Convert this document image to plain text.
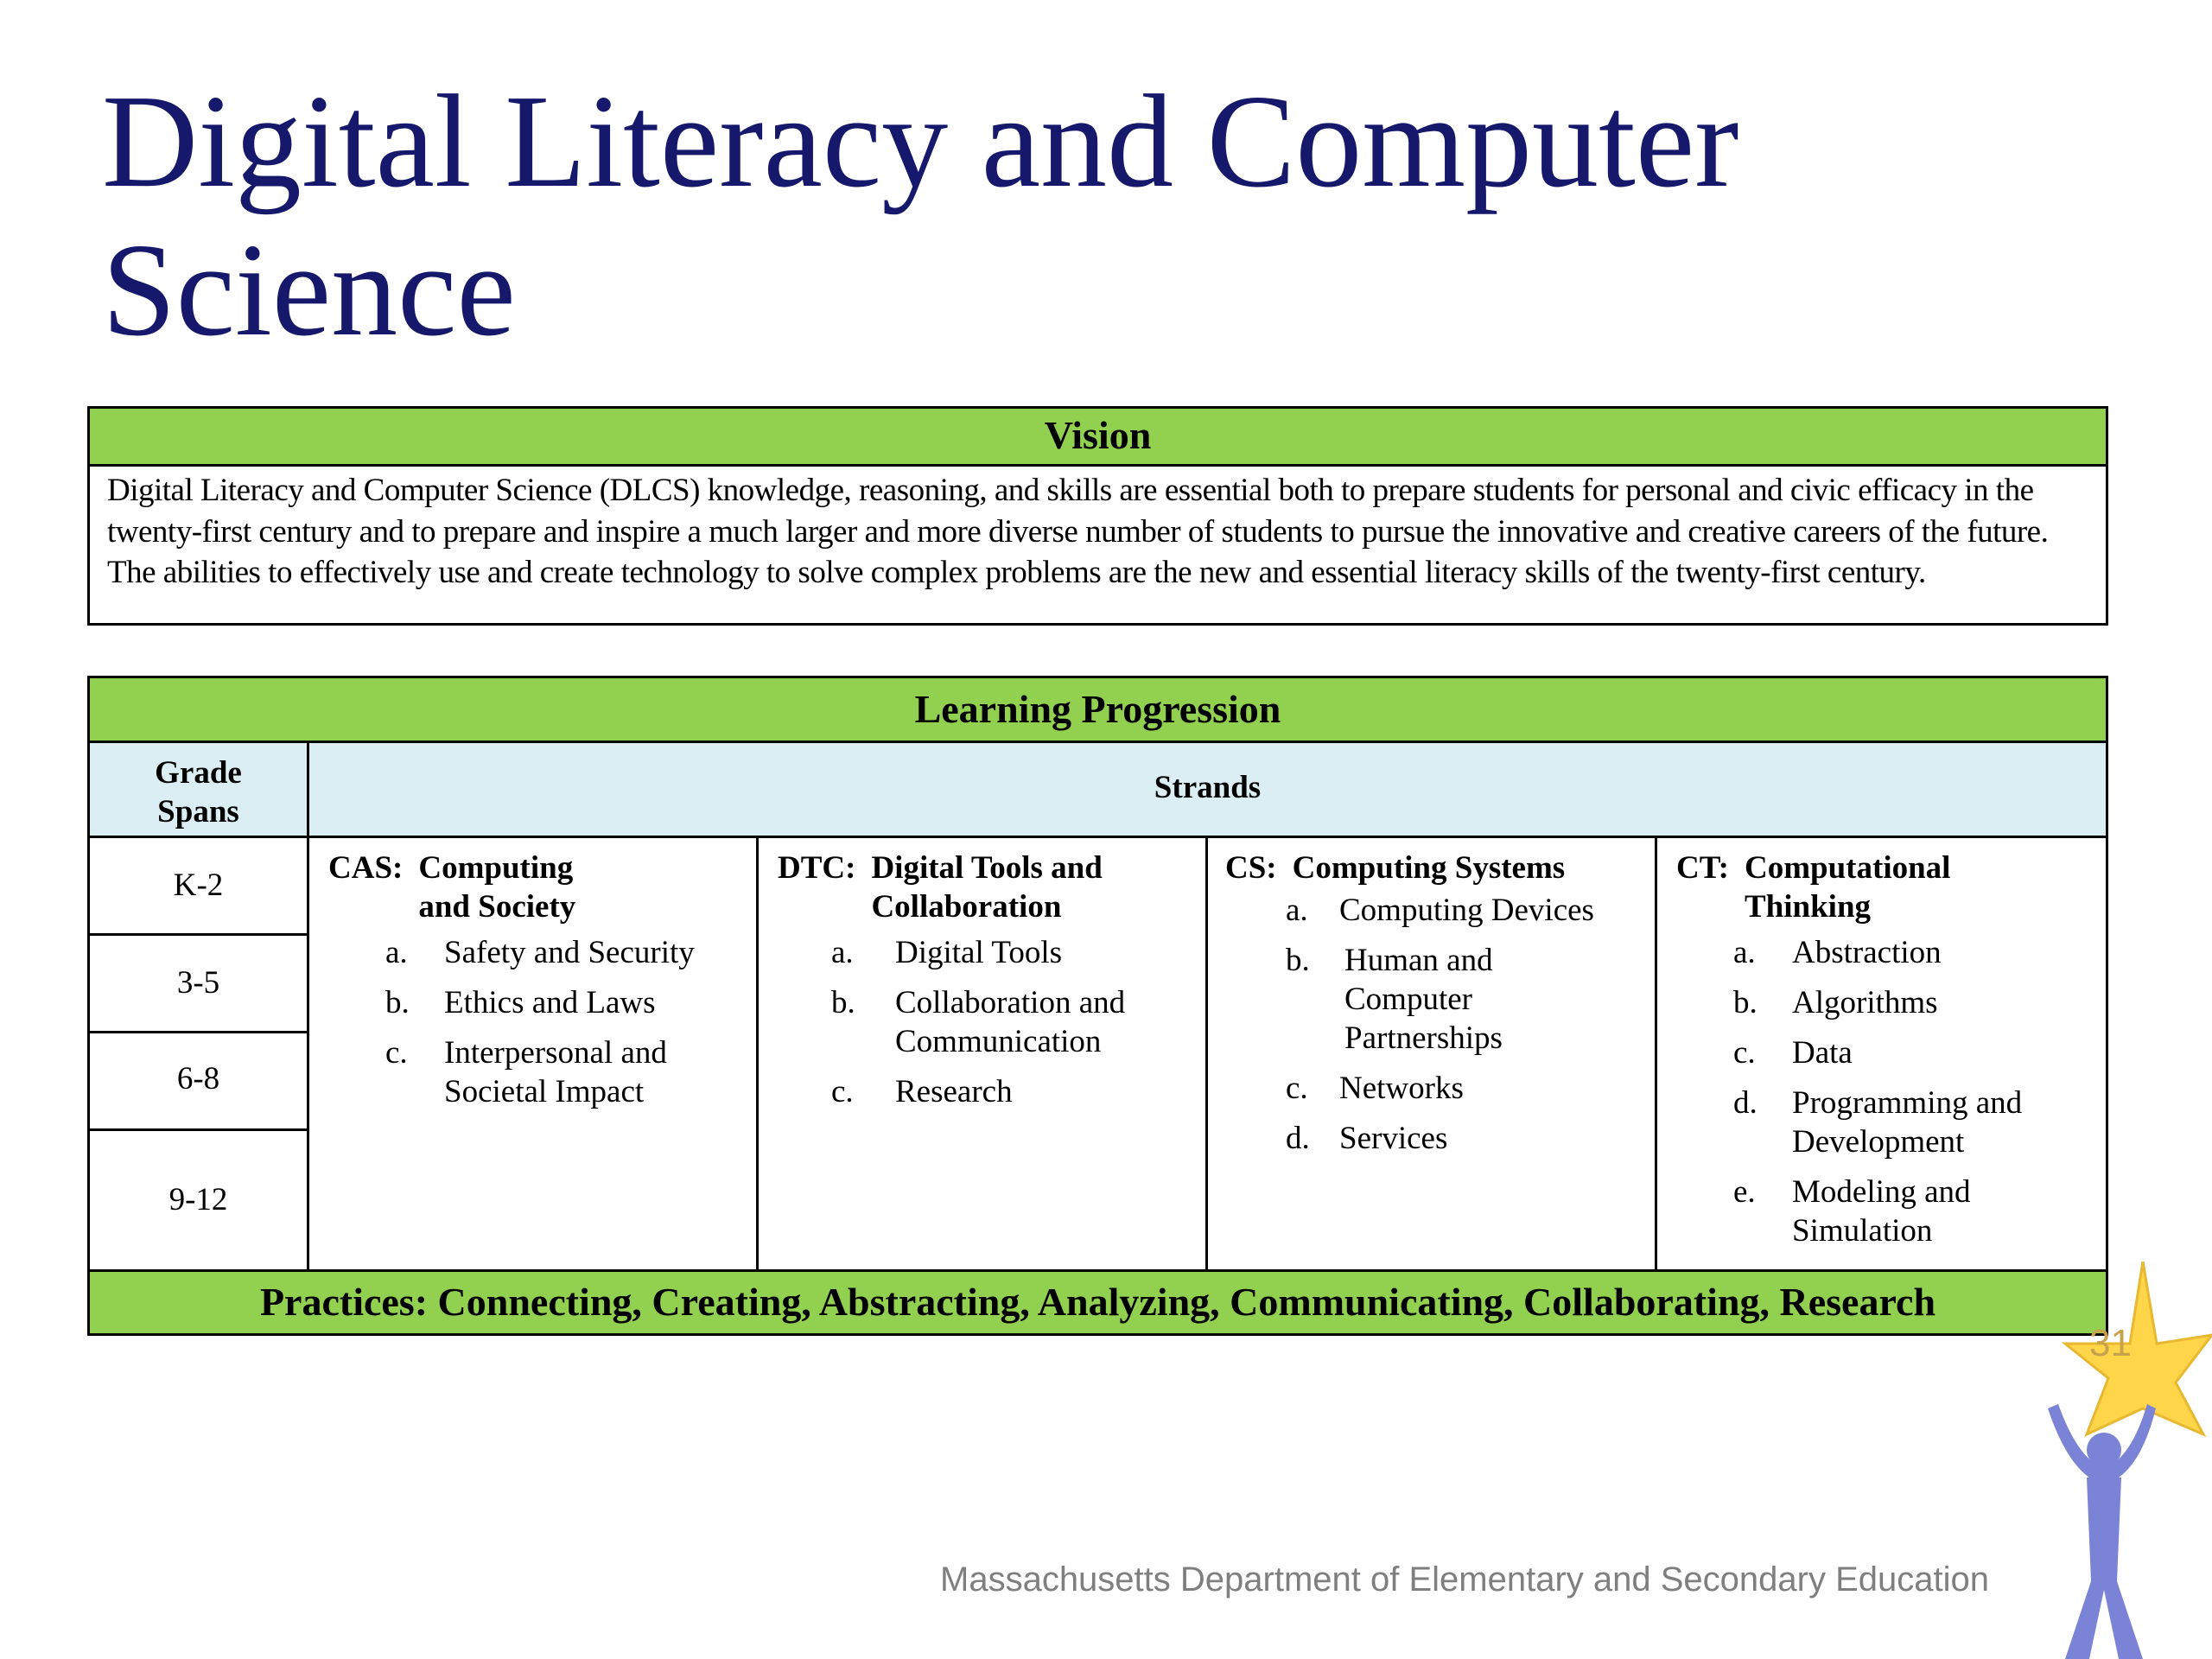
Digital Literacy and Computer Science
Vision
Digital Literacy and Computer Science (DLCS) knowledge, reasoning, and skills are essential both to prepare students for personal and civic efficacy in the twenty-first century and to prepare and inspire a much larger and more diverse number of students to pursue the innovative and creative careers of the future. The abilities to effectively use and create technology to solve complex problems are the new and essential literacy skills of the twenty-first century.
Learning Progression
Grade Spans
Strands
K-2
3-5
6-8
9-12
CAS: Computing and Society
a.	Safety and Security
b.	Ethics and Laws
c.	Interpersonal and Societal Impact
DTC: Digital Tools and Collaboration
a.	Digital Tools
b.	Collaboration and Communication
c.	Research
CS: Computing Systems
a. Computing Devices
b.	Human and Computer Partnerships
c. Networks
d. Services
CT: Computational Thinking
a.	Abstraction
b.	Algorithms
c.	Data
d.	Programming and Development
e.	Modeling and Simulation
Practices: Connecting, Creating, Abstracting, Analyzing, Communicating, Collaborating, Research
31
Massachusetts Department of Elementary and Secondary Education
